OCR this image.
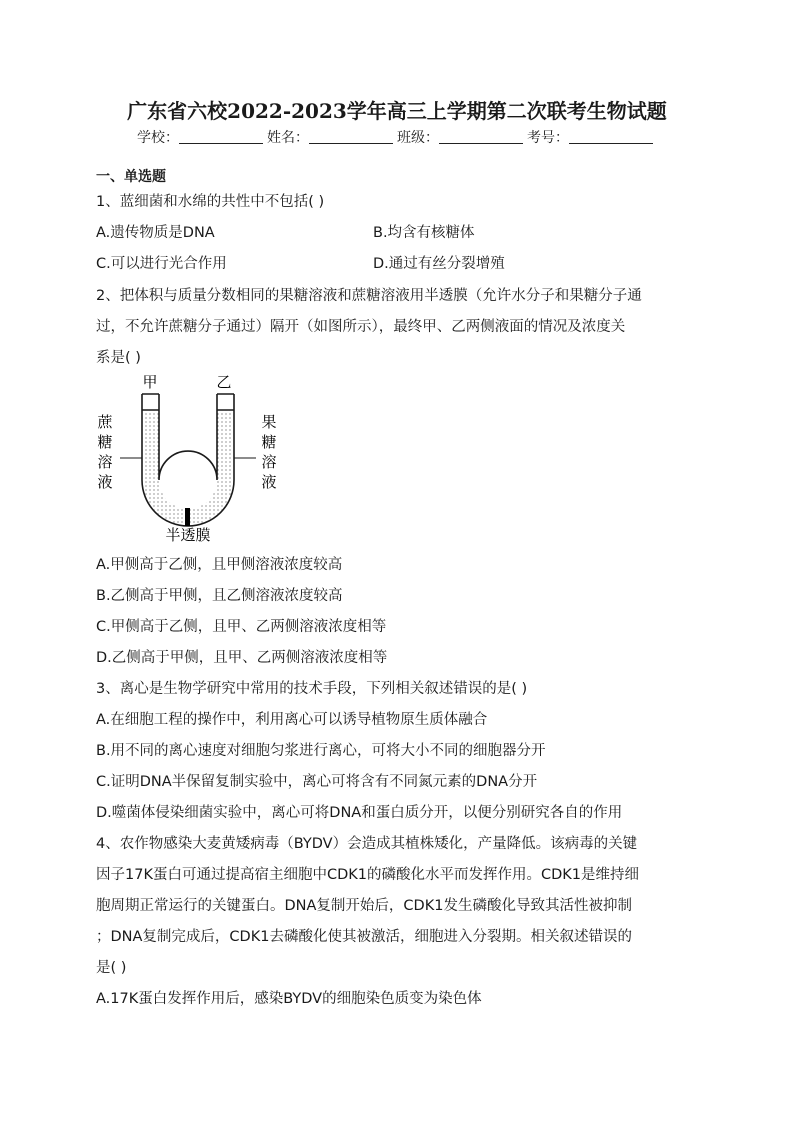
广东省六校2022-2023学年高三上学期第二次联考生物试题
学校：	姓名：	班级：	考号：
一、单选题
1、蓝细菌和水绵的共性中不包括( )
A.遗传物质是DNA	B.均含有核糖体
C.可以进行光合作用	D.通过有丝分裂增殖
2、把体积与质量分数相同的果糖溶液和蔗糖溶液用半透膜（允许水分子和果糖分子通
过，不允许蔗糖分子通过）隔开（如图所示），最终甲、乙两侧液面的情况及浓度关
系是( )
甲	乙
蔗
糖
溶
液
果
糖
溶
液
半透膜
A.甲侧高于乙侧，且甲侧溶液浓度较高
B.乙侧高于甲侧，且乙侧溶液浓度较高
C.甲侧高于乙侧，且甲、乙两侧溶液浓度相等
D.乙侧高于甲侧，且甲、乙两侧溶液浓度相等
3、离心是生物学研究中常用的技术手段，下列相关叙述错误的是( )
A.在细胞工程的操作中，利用离心可以诱导植物原生质体融合
B.用不同的离心速度对细胞匀浆进行离心，可将大小不同的细胞器分开
C.证明DNA半保留复制实验中，离心可将含有不同氮元素的DNA分开
D.噬菌体侵染细菌实验中，离心可将DNA和蛋白质分开，以便分别研究各自的作用
4、农作物感染大麦黄矮病毒（BYDV）会造成其植株矮化，产量降低。该病毒的关键
因子17K蛋白可通过提高宿主细胞中CDK1的磷酸化水平而发挥作用。CDK1是维持细
胞周期正常运行的关键蛋白。DNA复制开始后，CDK1发生磷酸化导致其活性被抑制
；DNA复制完成后，CDK1去磷酸化使其被激活，细胞进入分裂期。相关叙述错误的
是( )
A.17K蛋白发挥作用后，感染BYDV的细胞染色质变为染色体
